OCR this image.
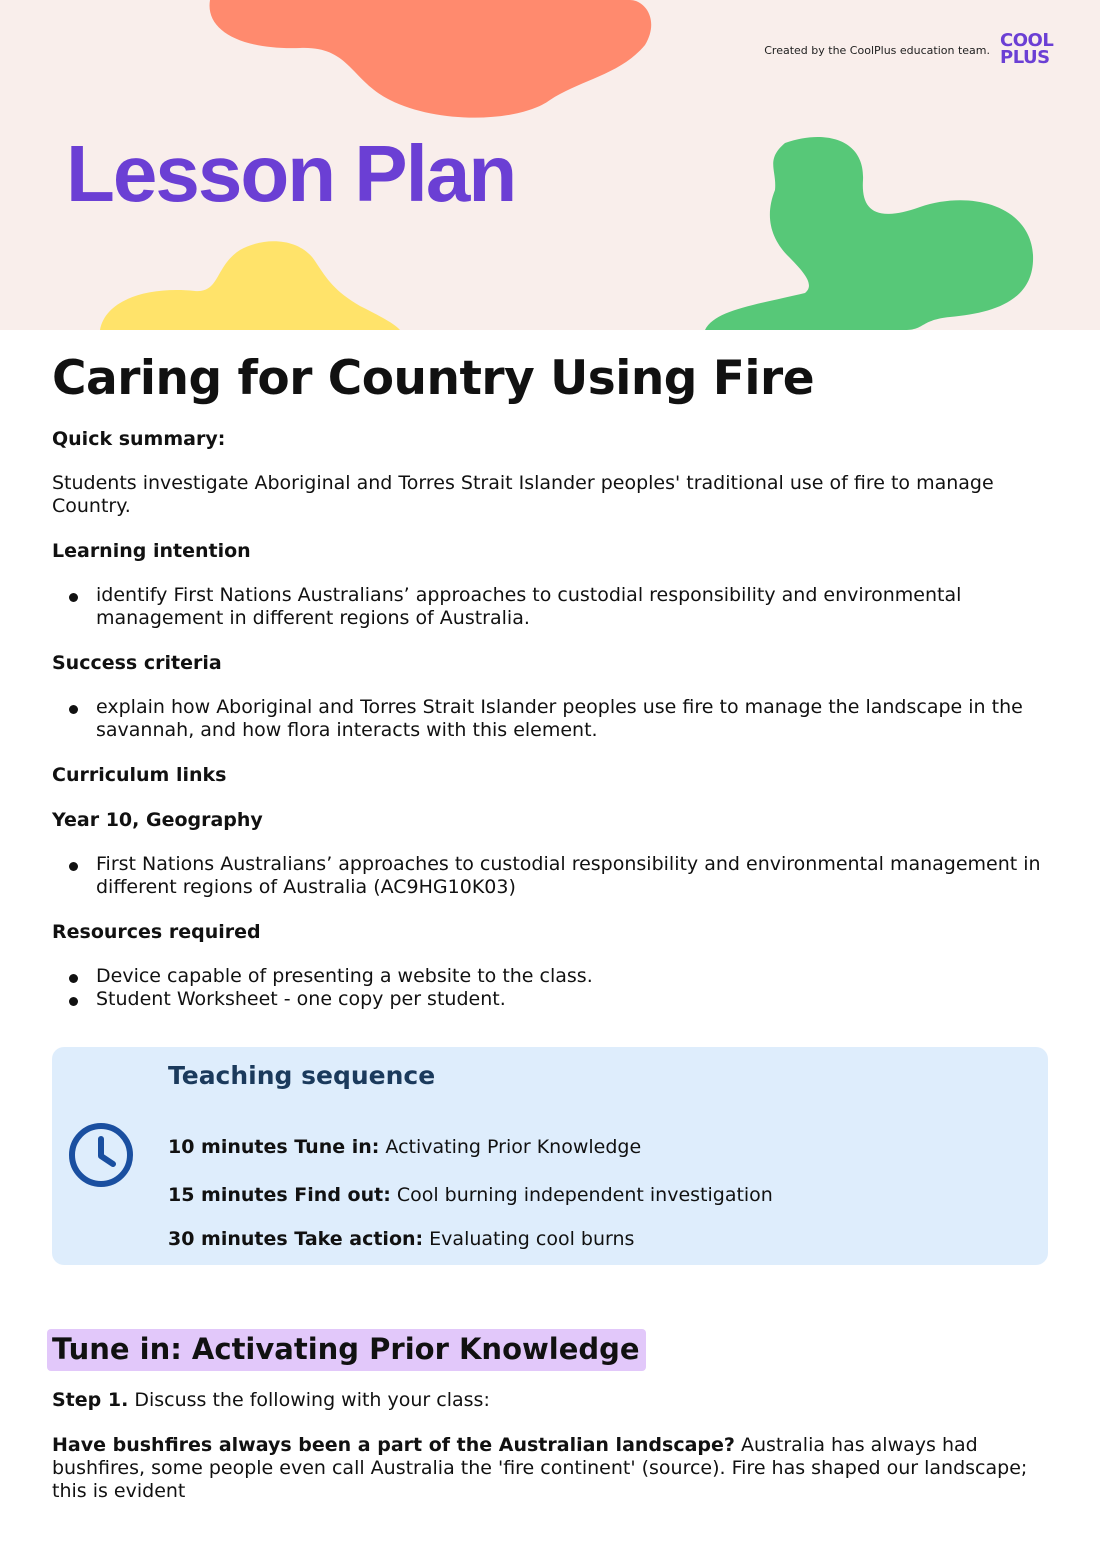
Created by the CoolPlus education team. COOL
PLUS
Lesson Plan
Caring for Country Using Fire

Quick summary:

Students investigate Aboriginal and Torres Strait Islander peoples' traditional use of fire to manage Country.

Learning intention

identify First Nations Australians’ approaches to custodial responsibility and environmental management in different regions of Australia.

Success criteria

explain how Aboriginal and Torres Strait Islander peoples use fire to manage the landscape in the savannah, and how flora interacts with this element.

Curriculum links

Year 10, Geography

First Nations Australians’ approaches to custodial responsibility and environmental management in different regions of Australia (AC9HG10K03)

Resources required

Device capable of presenting a website to the class.
Student Worksheet - one copy per student.
Teaching sequence

10 minutes Tune in: Activating Prior Knowledge

15 minutes Find out: Cool burning independent investigation

30 minutes Take action: Evaluating cool burns

Tune in: Activating Prior Knowledge

Step 1. Discuss the following with your class:

Have bushfires always been a part of the Australian landscape? Australia has always had bushfires, some people even call Australia the 'fire continent' (source). Fire has shaped our landscape; this is evident
